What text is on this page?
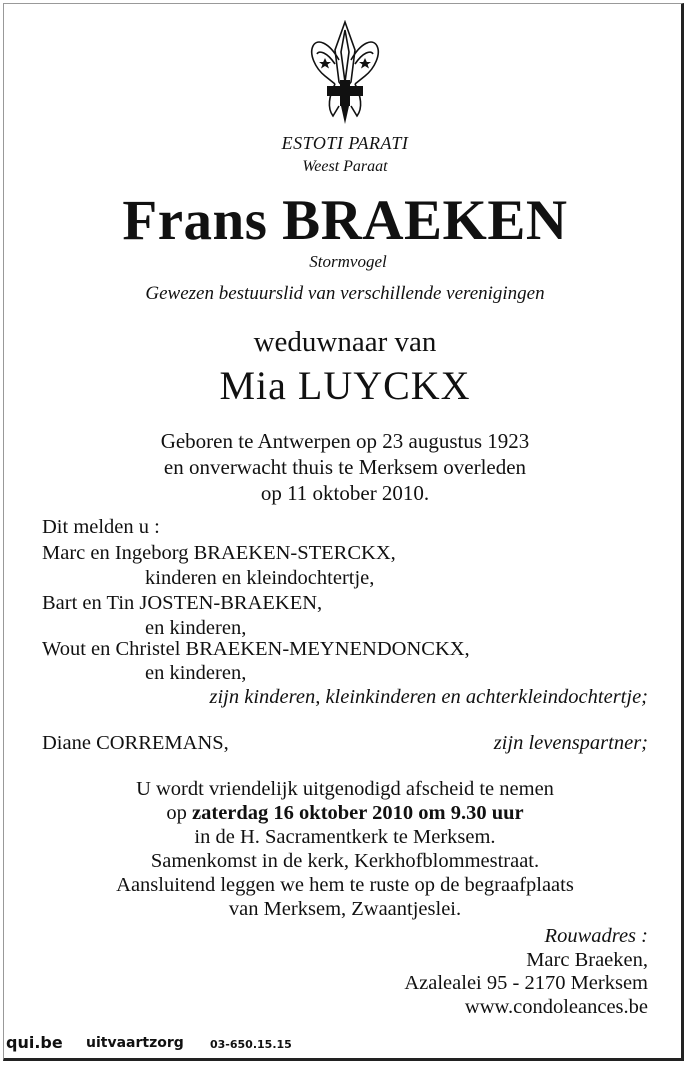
ESTOTI PARATI
Weest Paraat
Frans BRAEKEN
Stormvogel
Gewezen bestuurslid van verschillende verenigingen
weduwnaar van
Mia LUYCKX
Geboren te Antwerpen op 23 augustus 1923
en onverwacht thuis te Merksem overleden
op 11 oktober 2010.
Dit melden u :
Marc en Ingeborg BRAEKEN-STERCKX,
kinderen en kleindochtertje,
Bart en Tin JOSTEN-BRAEKEN,
en kinderen,
Wout en Christel BRAEKEN-MEYNENDONCKX,
en kinderen,
zijn kinderen, kleinkinderen en achterkleindochtertje;
Diane CORREMANS,	zijn levenspartner;
U wordt vriendelijk uitgenodigd afscheid te nemen
op zaterdag 16 oktober 2010 om 9.30 uur
in de H. Sacramentkerk te Merksem.
Samenkomst in de kerk, Kerkhofblommestraat.
Aansluitend leggen we hem te ruste op de begraafplaats
van Merksem, Zwaantjeslei.
Rouwadres :
Marc Braeken,
Azalealei 95 - 2170 Merksem
www.condoleances.be
qui.be uitvaartzorg 03-650.15.15
